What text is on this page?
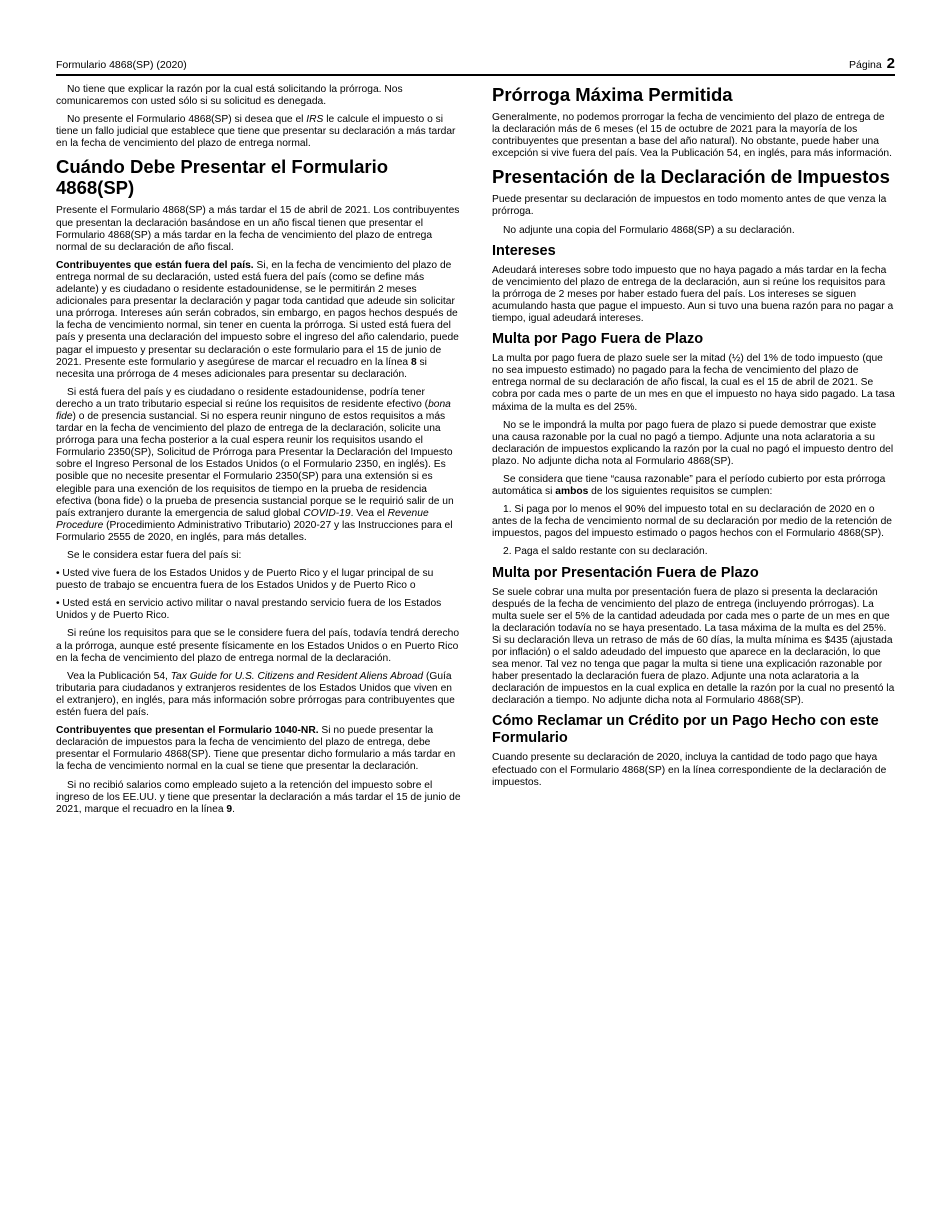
Formulario 4868(SP) (2020)	Página 2

No tiene que explicar la razón por la cual está solicitando la prórroga. Nos comunicaremos con usted sólo si su solicitud es denegada.

No presente el Formulario 4868(SP) si desea que el IRS le calcule el impuesto o si tiene un fallo judicial que establece que tiene que presentar su declaración a más tardar en la fecha de vencimiento del plazo de entrega normal.

Cuándo Debe Presentar el Formulario 4868(SP)

Presente el Formulario 4868(SP) a más tardar el 15 de abril de 2021. Los contribuyentes que presentan la declaración basándose en un año fiscal tienen que presentar el Formulario 4868(SP) a más tardar en la fecha de vencimiento del plazo de entrega normal de su declaración de año fiscal.

Contribuyentes que están fuera del país. Si, en la fecha de vencimiento del plazo de entrega normal de su declaración, usted está fuera del país (como se define más adelante) y es ciudadano o residente estadounidense, se le permitirán 2 meses adicionales para presentar la declaración y pagar toda cantidad que adeude sin solicitar una prórroga. Intereses aún serán cobrados, sin embargo, en pagos hechos después de la fecha de vencimiento normal, sin tener en cuenta la prórroga. Si usted está fuera del país y presenta una declaración del impuesto sobre el ingreso del año calendario, puede pagar el impuesto y presentar su declaración o este formulario para el 15 de junio de 2021. Presente este formulario y asegúrese de marcar el recuadro en la línea 8 si necesita una prórroga de 4 meses adicionales para presentar su declaración.

Si está fuera del país y es ciudadano o residente estadounidense, podría tener derecho a un trato tributario especial si reúne los requisitos de residente efectivo (bona fide) o de presencia sustancial. Si no espera reunir ninguno de estos requisitos a más tardar en la fecha de vencimiento del plazo de entrega de la declaración, solicite una prórroga para una fecha posterior a la cual espera reunir los requisitos usando el Formulario 2350(SP), Solicitud de Prórroga para Presentar la Declaración del Impuesto sobre el Ingreso Personal de los Estados Unidos (o el Formulario 2350, en inglés). Es posible que no necesite presentar el Formulario 2350(SP) para una extensión si es elegible para una exención de los requisitos de tiempo en la prueba de residencia efectiva (bona fide) o la prueba de presencia sustancial porque se le requirió salir de un país extranjero durante la emergencia de salud global COVID-19. Vea el Revenue Procedure (Procedimiento Administrativo Tributario) 2020-27 y las Instrucciones para el Formulario 2555 de 2020, en inglés, para más detalles.

Se le considera estar fuera del país si:

• Usted vive fuera de los Estados Unidos y de Puerto Rico y el lugar principal de su puesto de trabajo se encuentra fuera de los Estados Unidos y de Puerto Rico o

• Usted está en servicio activo militar o naval prestando servicio fuera de los Estados Unidos y de Puerto Rico.

Si reúne los requisitos para que se le considere fuera del país, todavía tendrá derecho a la prórroga, aunque esté presente físicamente en los Estados Unidos o en Puerto Rico en la fecha de vencimiento del plazo de entrega normal de la declaración.

Vea la Publicación 54, Tax Guide for U.S. Citizens and Resident Aliens Abroad (Guía tributaria para ciudadanos y extranjeros residentes de los Estados Unidos que viven en el extranjero), en inglés, para más información sobre prórrogas para contribuyentes que estén fuera del país.

Contribuyentes que presentan el Formulario 1040-NR. Si no puede presentar la declaración de impuestos para la fecha de vencimiento del plazo de entrega, debe presentar el Formulario 4868(SP). Tiene que presentar dicho formulario a más tardar en la fecha de vencimiento normal en la cual se tiene que presentar la declaración.

Si no recibió salarios como empleado sujeto a la retención del impuesto sobre el ingreso de los EE.UU. y tiene que presentar la declaración a más tardar el 15 de junio de 2021, marque el recuadro en la línea 9.

Prórroga Máxima Permitida

Generalmente, no podemos prorrogar la fecha de vencimiento del plazo de entrega de la declaración más de 6 meses (el 15 de octubre de 2021 para la mayoría de los contribuyentes que presentan a base del año natural). No obstante, puede haber una excepción si vive fuera del país. Vea la Publicación 54, en inglés, para más información.

Presentación de la Declaración de Impuestos

Puede presentar su declaración de impuestos en todo momento antes de que venza la prórroga.

No adjunte una copia del Formulario 4868(SP) a su declaración.

Intereses

Adeudará intereses sobre todo impuesto que no haya pagado a más tardar en la fecha de vencimiento del plazo de entrega de la declaración, aun si reúne los requisitos para la prórroga de 2 meses por haber estado fuera del país. Los intereses se siguen acumulando hasta que pague el impuesto. Aun si tuvo una buena razón para no pagar a tiempo, igual adeudará intereses.

Multa por Pago Fuera de Plazo

La multa por pago fuera de plazo suele ser la mitad (½) del 1% de todo impuesto (que no sea impuesto estimado) no pagado para la fecha de vencimiento del plazo de entrega normal de su declaración de año fiscal, la cual es el 15 de abril de 2021. Se cobra por cada mes o parte de un mes en que el impuesto no haya sido pagado. La tasa máxima de la multa es del 25%.

No se le impondrá la multa por pago fuera de plazo si puede demostrar que existe una causa razonable por la cual no pagó a tiempo. Adjunte una nota aclaratoria a su declaración de impuestos explicando la razón por la cual no pagó el impuesto dentro del plazo. No adjunte dicha nota al Formulario 4868(SP).

Se considera que tiene “causa razonable” para el período cubierto por esta prórroga automática si ambos de los siguientes requisitos se cumplen:

1. Si paga por lo menos el 90% del impuesto total en su declaración de 2020 en o antes de la fecha de vencimiento normal de su declaración por medio de la retención de impuestos, pagos del impuesto estimado o pagos hechos con el Formulario 4868(SP).

2. Paga el saldo restante con su declaración.

Multa por Presentación Fuera de Plazo

Se suele cobrar una multa por presentación fuera de plazo si presenta la declaración después de la fecha de vencimiento del plazo de entrega (incluyendo prórrogas). La multa suele ser el 5% de la cantidad adeudada por cada mes o parte de un mes en que la declaración todavía no se haya presentado. La tasa máxima de la multa es del 25%. Si su declaración lleva un retraso de más de 60 días, la multa mínima es $435 (ajustada por inflación) o el saldo adeudado del impuesto que aparece en la declaración, lo que sea menor. Tal vez no tenga que pagar la multa si tiene una explicación razonable por haber presentado la declaración fuera de plazo. Adjunte una nota aclaratoria a la declaración de impuestos en la cual explica en detalle la razón por la cual no presentó la declaración a tiempo. No adjunte dicha nota al Formulario 4868(SP).

Cómo Reclamar un Crédito por un Pago Hecho con este Formulario

Cuando presente su declaración de 2020, incluya la cantidad de todo pago que haya efectuado con el Formulario 4868(SP) en la línea correspondiente de la declaración de impuestos.
